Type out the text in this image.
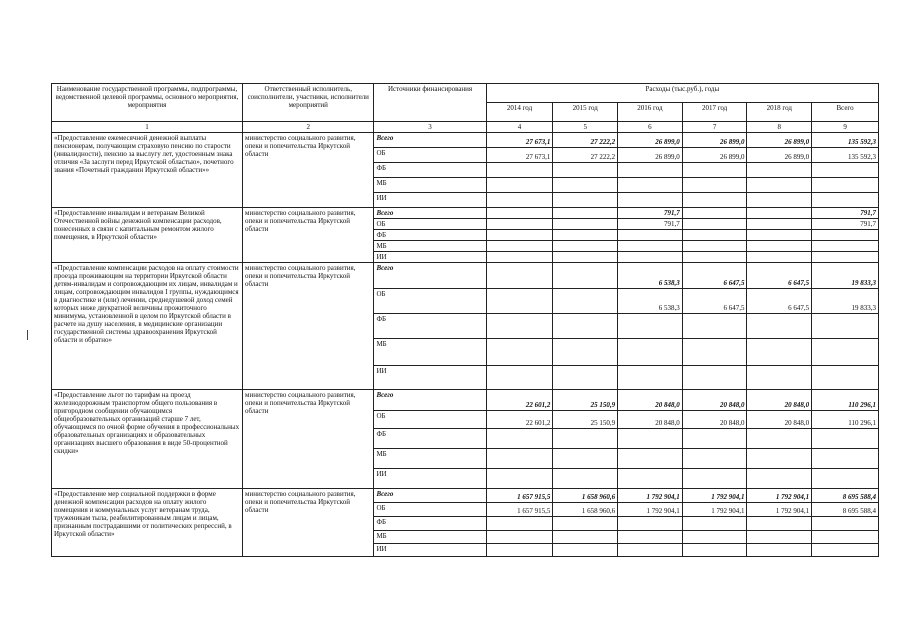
Наименование государственной программы, подпрограммы, ведомственной целевой программы, основного мероприятия, мероприятия	Ответственный исполнитель, соисполнители, участники, исполнители мероприятий	Источники финансирования	Расходы (тыс.руб.), годы					
			2014 год	2015 год	2016 год	2017 год	2018 год	Всего
1	2	3	4	5	6	7	8	9
«Предоставление ежемесячной денежной выплаты пенсионерам, получающим страховую пенсию по старости (инвалидности), пенсию за выслугу лет, удостоенным знака отличия «За заслуги перед Иркутской областью», почетного звания «Почетный гражданин Иркутской области»»	министерство социального развития, опеки и попечительства Иркутской области	Всего	27 673,1	27 222,2	26 899,0	26 899,0	26 899,0	135 592,3
		ОБ	27 673,1	27 222,2	26 899,0	26 899,0	26 899,0	135 592,3
		ФБ						
		МБ						
		ИИ						
«Предоставление инвалидам и ветеранам Великой Отечественной войны денежной компенсации расходов, понесенных в связи с капитальным ремонтом жилого помещения, в Иркутской области»	министерство социального развития, опеки и попечительства Иркутской области	Всего			791,7			791,7
		ОБ			791,7			791,7
		ФБ						
		МБ						
		ИИ						
«Предоставление компенсации расходов на оплату стоимости проезда проживающим на территории Иркутской области детям-инвалидам и сопровождающим их лицам, инвалидам и лицам, сопровождающим инвалидов I группы, нуждающимся в диагностике и (или) лечении, среднедушевой доход семей которых ниже двукратной величины прожиточного минимума, установленной в целом по Иркутской области в расчете на душу населения, в медицинские организации государственной системы здравоохранения Иркутской области и обратно»	министерство социального развития, опеки и попечительства Иркутской области	Всего			6 538,3	6 647,5	6 647,5	19 833,3
		ОБ			6 538,3	6 647,5	6 647,5	19 833,3
		ФБ						
		МБ						
		ИИ						
«Предоставление льгот по тарифам на проезд железнодорожным транспортом общего пользования в пригородном сообщении обучающимся общеобразовательных организаций старше 7 лет, обучающимся по очной форме обучения в профессиональных образовательных организациях и образовательных организациях высшего образования в виде 50-процентной скидки»	министерство социального развития, опеки и попечительства Иркутской области	Всего	22 601,2	25 150,9	20 848,0	20 848,0	20 848,0	110 296,1
		ОБ	22 601,2	25 150,9	20 848,0	20 848,0	20 848,0	110 296,1
		ФБ						
		МБ						
		ИИ						
«Предоставление мер социальной поддержки в форме денежной компенсации расходов на оплату жилого помещения и коммунальных услуг ветеранам труда, труженикам тыла, реабилитированным лицам и лицам, признанным пострадавшими от политических репрессий, в Иркутской области»	министерство социального развития, опеки и попечительства Иркутской области	Всего	1 657 915,5	1 658 960,6	1 792 904,1	1 792 904,1	1 792 904,1	8 695 588,4
		ОБ	1 657 915,5	1 658 960,6	1 792 904,1	1 792 904,1	1 792 904,1	8 695 588,4
		ФБ						
		МБ						
		ИИ						
